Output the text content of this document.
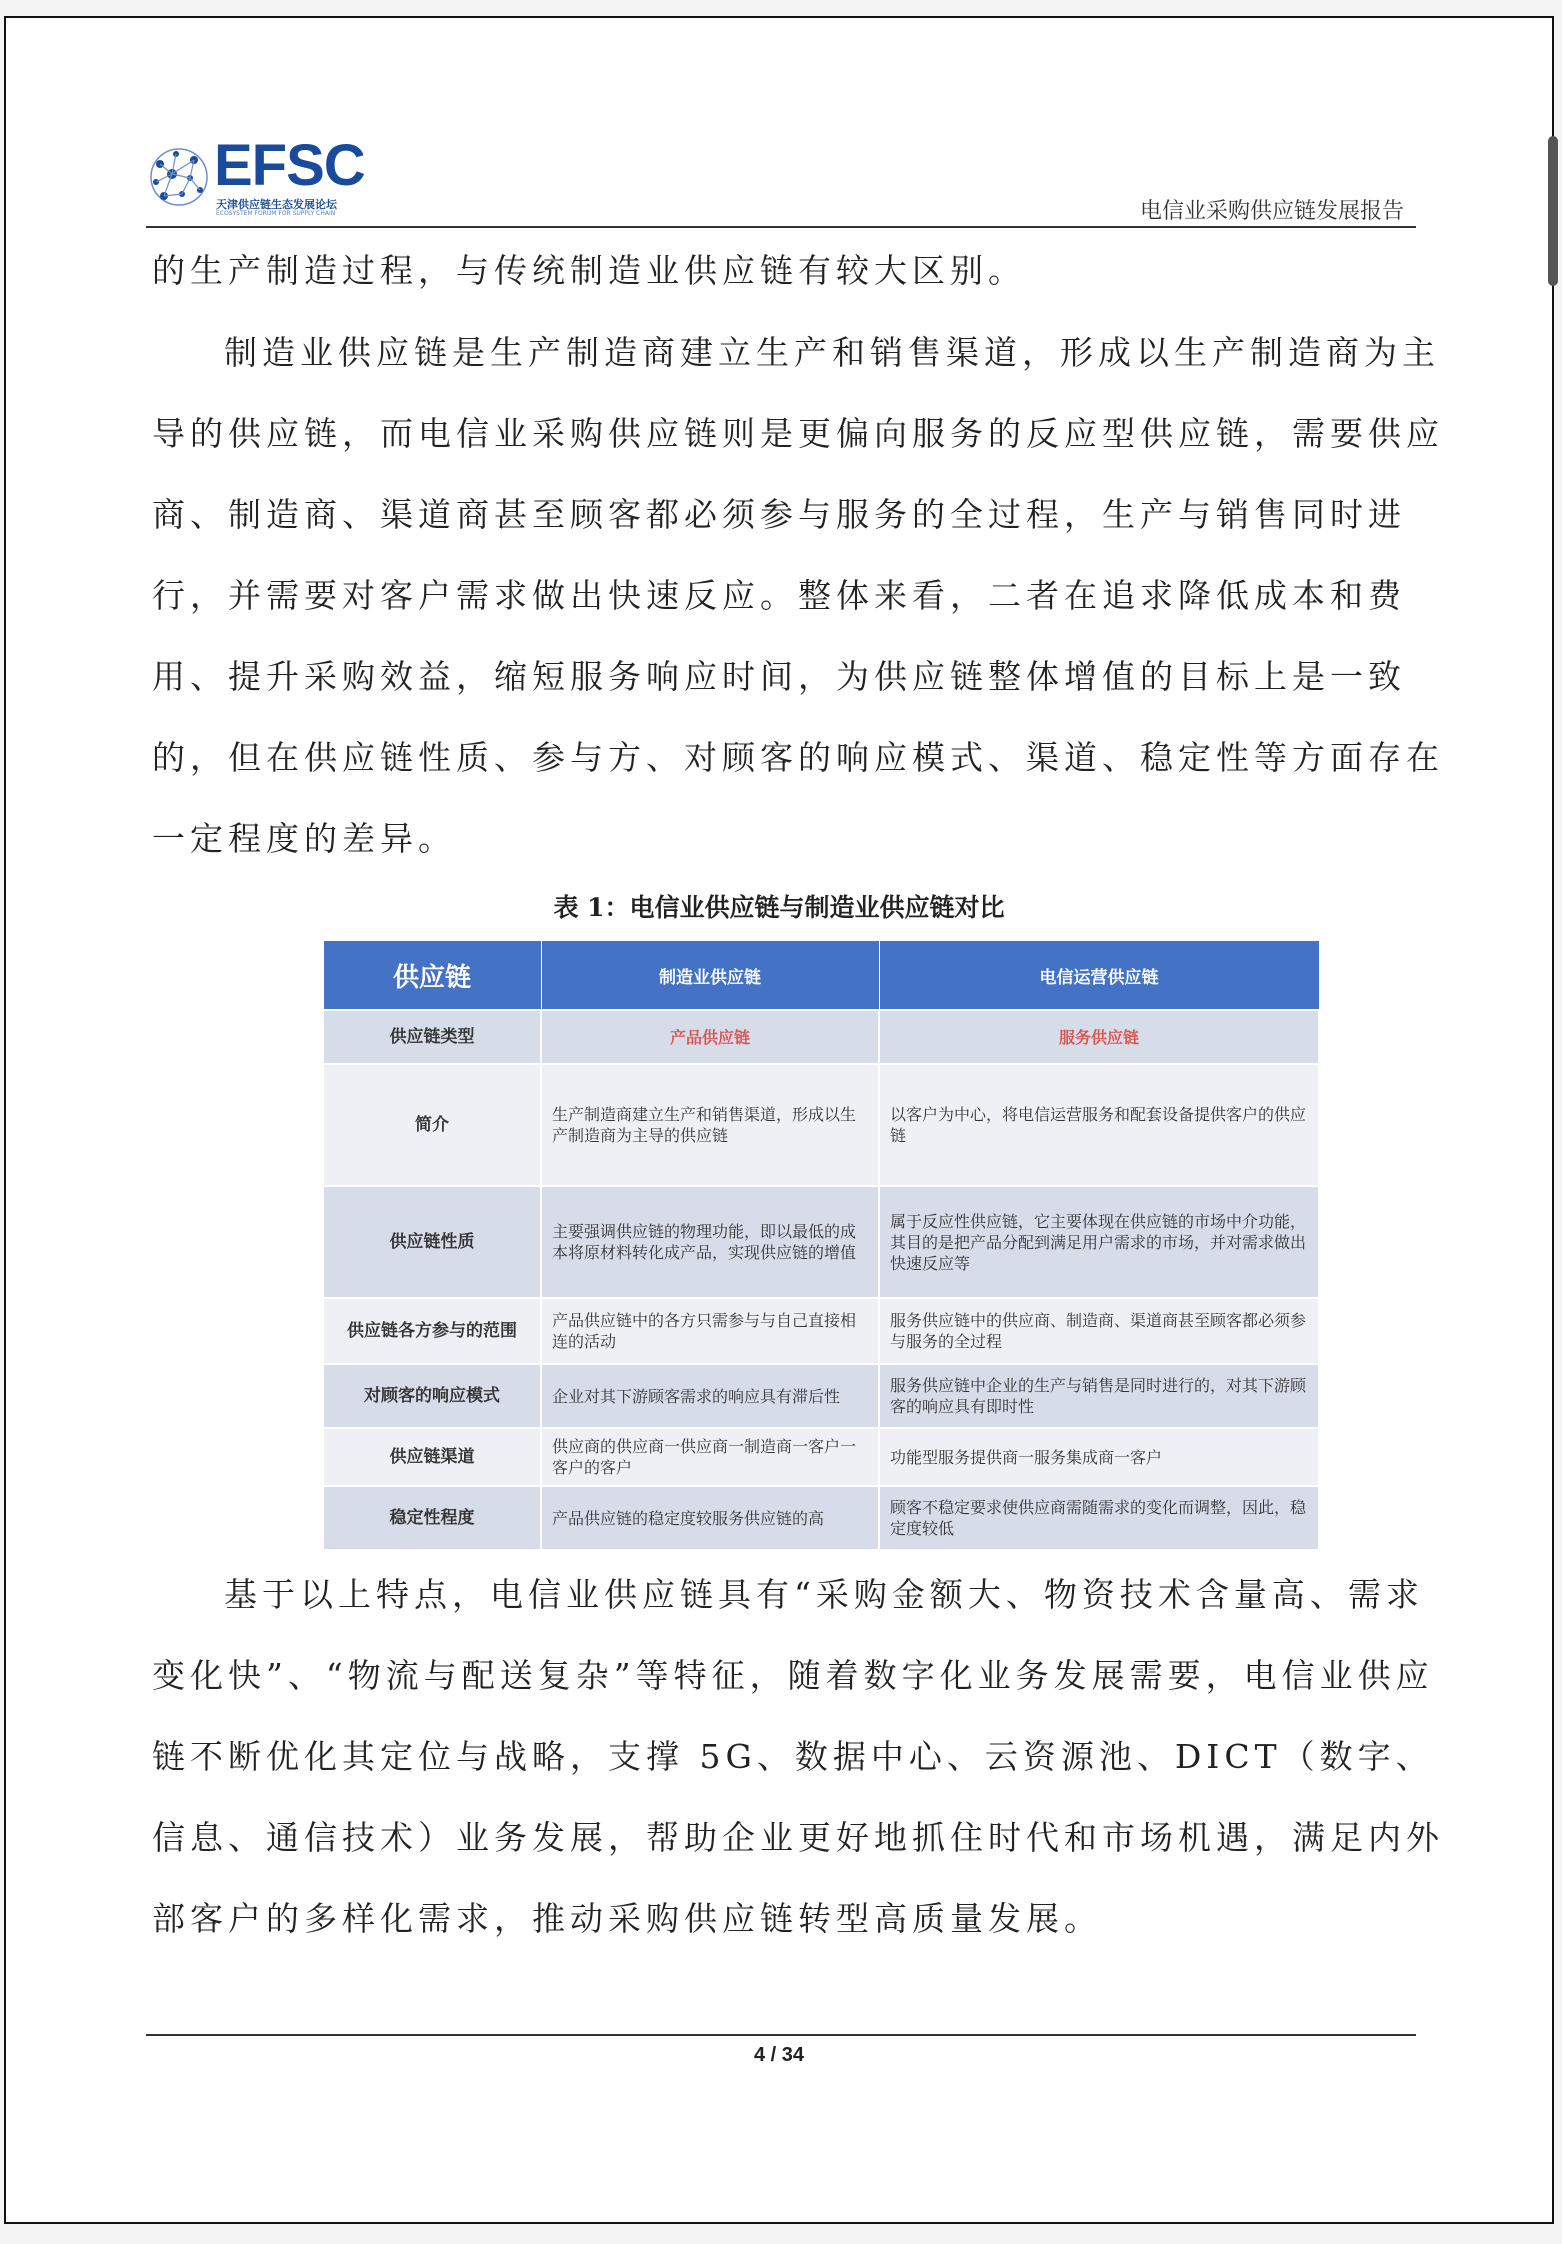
EFSC
天津供应链生态发展论坛
ECOSYSTEM FORUM FOR SUPPLY CHAIN	电信业采购供应链发展报告
的生产制造过程，与传统制造业供应链有较大区别。
制造业供应链是生产制造商建立生产和销售渠道，形成以生产制造商为主导的供应链，而电信业采购供应链则是更偏向服务的反应型供应链，需要供应商、制造商、渠道商甚至顾客都必须参与服务的全过程，生产与销售同时进行，并需要对客户需求做出快速反应。整体来看，二者在追求降低成本和费用、提升采购效益，缩短服务响应时间，为供应链整体增值的目标上是一致的，但在供应链性质、参与方、对顾客的响应模式、渠道、稳定性等方面存在一定程度的差异。
表 1：电信业供应链与制造业供应链对比
供应链	制造业供应链	电信运营供应链
供应链类型	产品供应链	服务供应链
简介	生产制造商建立生产和销售渠道，形成以生产制造商为主导的供应链	以客户为中心，将电信运营服务和配套设备提供客户的供应链
供应链性质	主要强调供应链的物理功能，即以最低的成本将原材料转化成产品，实现供应链的增值	属于反应性供应链，它主要体现在供应链的市场中介功能，其目的是把产品分配到满足用户需求的市场，并对需求做出快速反应等
供应链各方参与的范围	产品供应链中的各方只需参与与自己直接相连的活动	服务供应链中的供应商、制造商、渠道商甚至顾客都必须参与服务的全过程
对顾客的响应模式	企业对其下游顾客需求的响应具有滞后性	服务供应链中企业的生产与销售是同时进行的，对其下游顾客的响应具有即时性
供应链渠道	供应商的供应商一供应商一制造商一客户一客户的客户	功能型服务提供商一服务集成商一客户
稳定性程度	产品供应链的稳定度较服务供应链的高	顾客不稳定要求使供应商需随需求的变化而调整，因此，稳定度较低
基于以上特点，电信业供应链具有“采购金额大、物资技术含量高、需求变化快”、“物流与配送复杂”等特征，随着数字化业务发展需要，电信业供应链不断优化其定位与战略，支撑 5G、数据中心、云资源池、DICT（数字、信息、通信技术）业务发展，帮助企业更好地抓住时代和市场机遇，满足内外部客户的多样化需求，推动采购供应链转型高质量发展。
4 / 34
